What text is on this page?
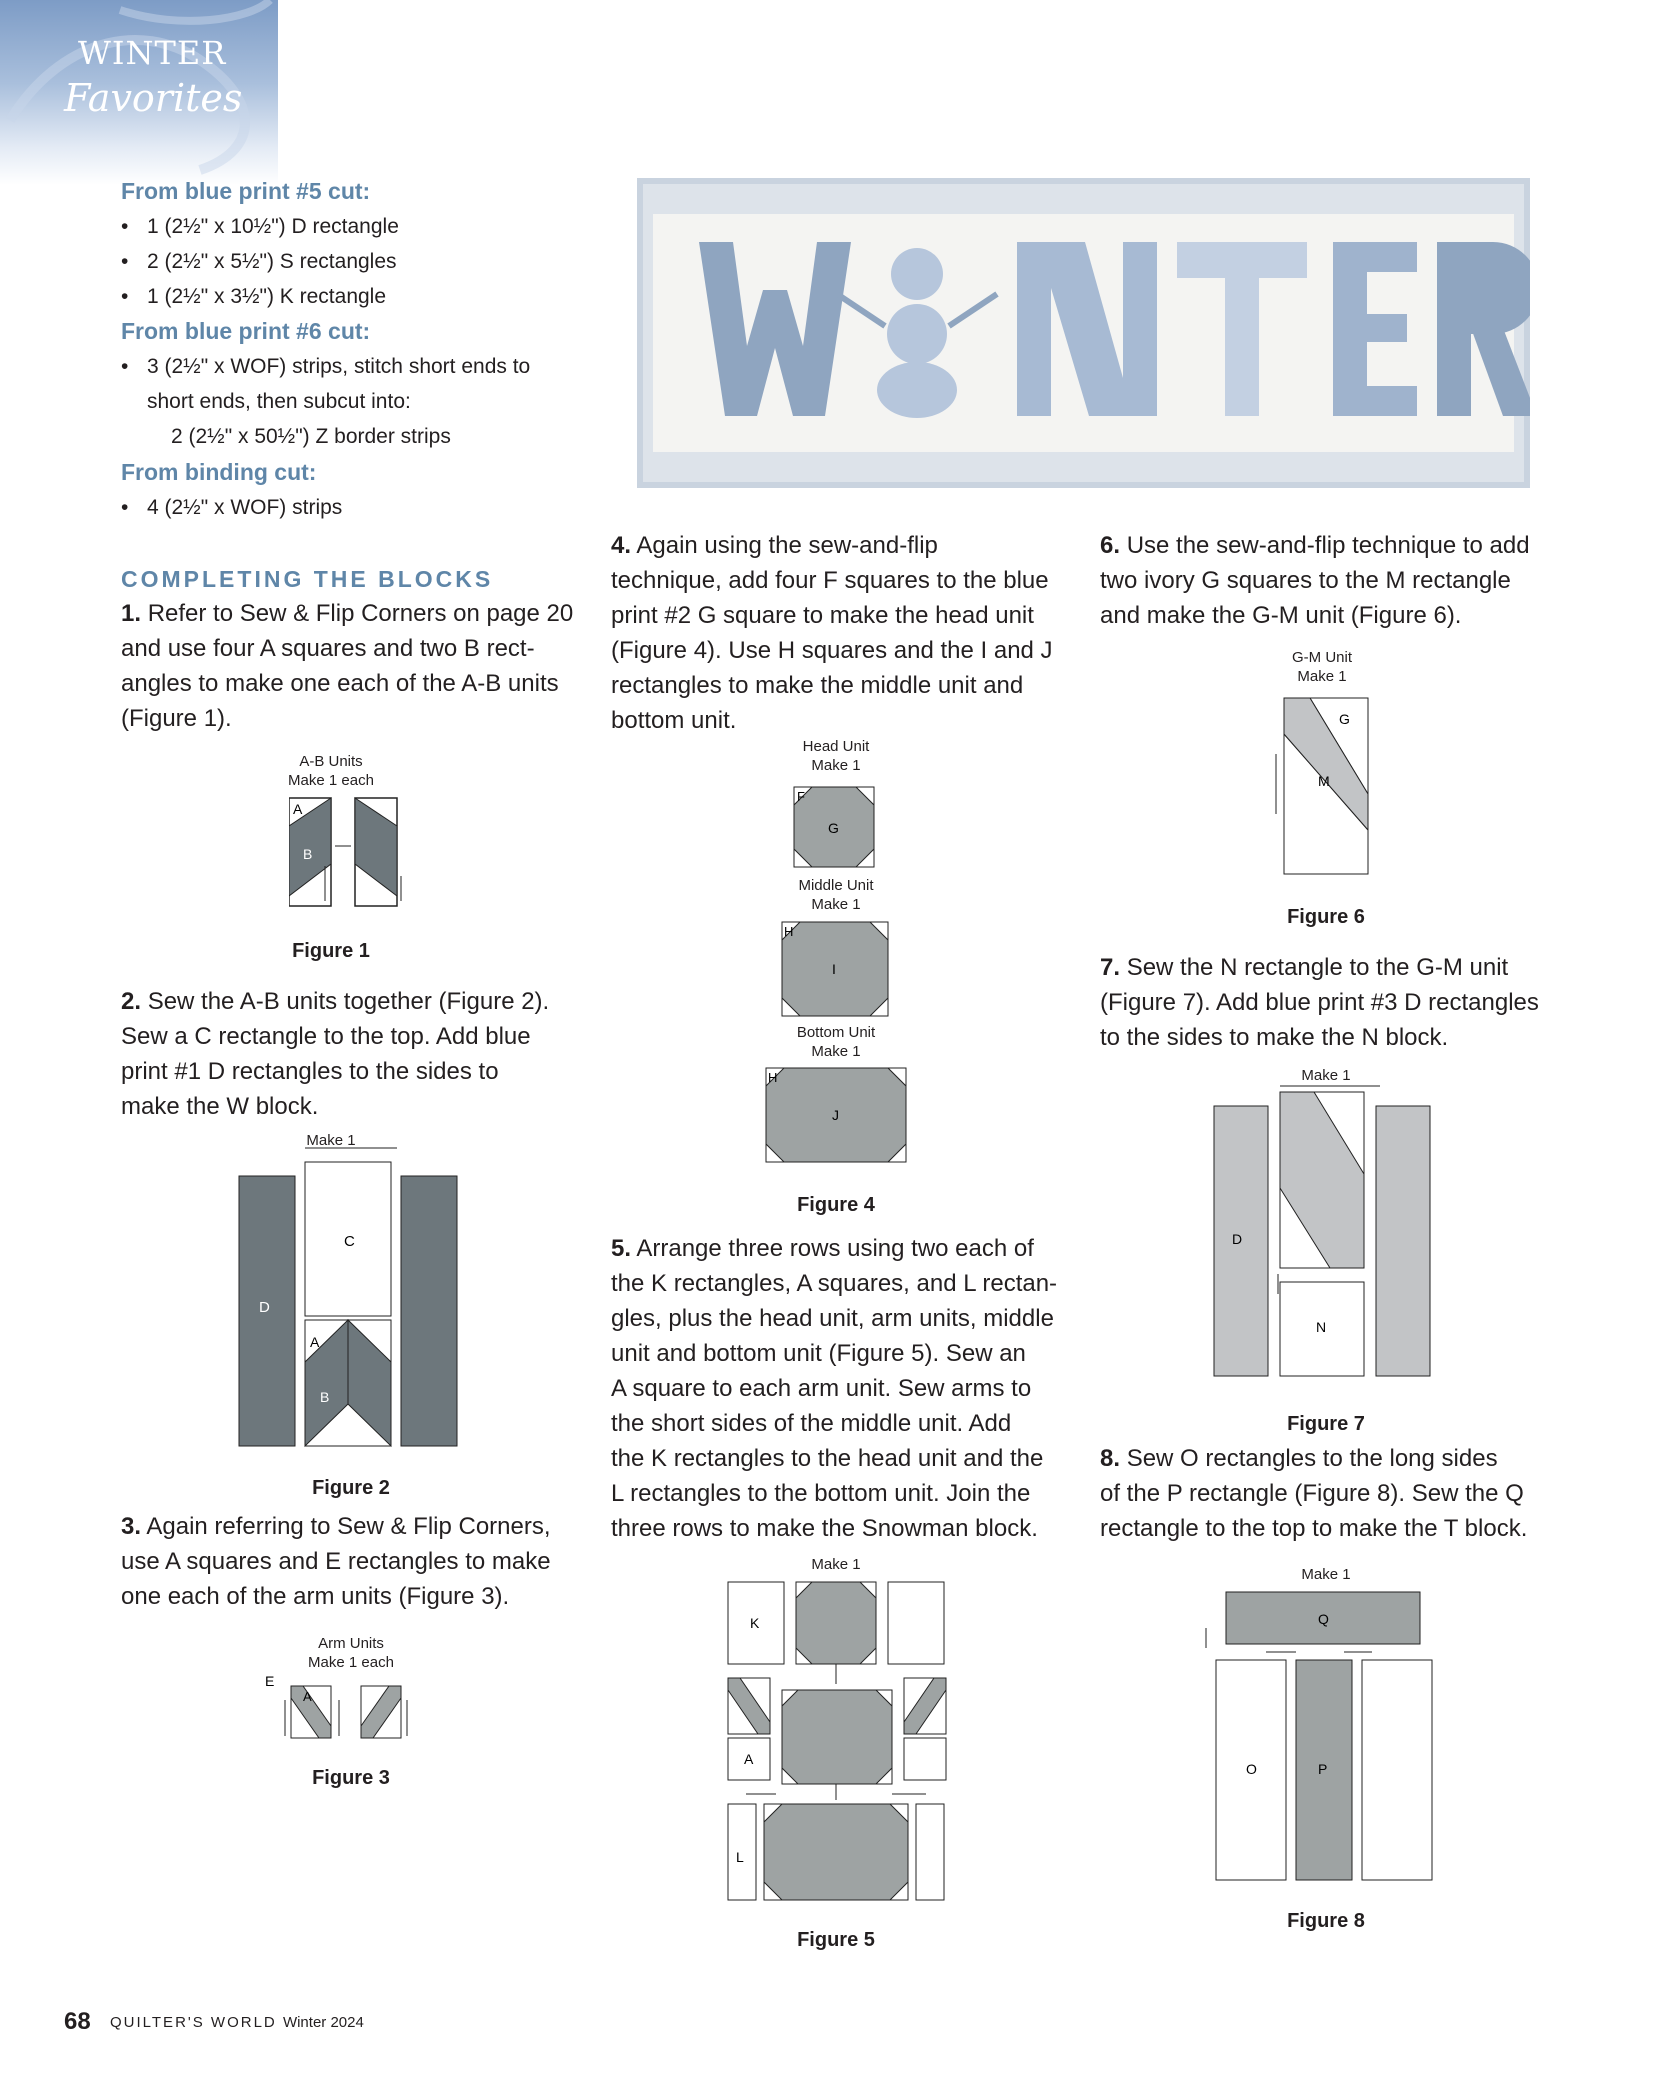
WINTER
Favorites
From blue print #5 cut:
• 1 (2½" x 10½") D rectangle
• 2 (2½" x 5½") S rectangles
• 1 (2½" x 3½") K rectangle
From blue print #6 cut:
• 3 (2½" x WOF) strips, stitch short ends to
short ends, then subcut into:
2 (2½" x 50½") Z border strips
From binding cut:
• 4 (2½" x WOF) strips
COMPLETING THE BLOCKS
1. Refer to Sew & Flip Corners on page 20
and use four A squares and two B rect-
angles to make one each of the A-B units
(Figure 1).
A-B Units
Make 1 each
A
B
Figure 1
2. Sew the A-B units together (Figure 2).
Sew a C rectangle to the top. Add blue
print #1 D rectangles to the sides to
make the W block.
Make 1
D
C
A
B
Figure 2
3. Again referring to Sew & Flip Corners,
use A squares and E rectangles to make
one each of the arm units (Figure 3).
Arm Units
Make 1 each
E
A
Figure 3
4. Again using the sew-and-flip
technique, add four F squares to the blue
print #2 G square to make the head unit
(Figure 4). Use H squares and the I and J
rectangles to make the middle unit and
bottom unit.
Head Unit
Make 1
F
G
Middle Unit
Make 1
H
I
Bottom Unit
Make 1
H
J
Figure 4
5. Arrange three rows using two each of
the K rectangles, A squares, and L rectan-
gles, plus the head unit, arm units, middle
unit and bottom unit (Figure 5). Sew an
A square to each arm unit. Sew arms to
the short sides of the middle unit. Add
the K rectangles to the head unit and the
L rectangles to the bottom unit. Join the
three rows to make the Snowman block.
Make 1
K
A
L
Figure 5
6. Use the sew-and-flip technique to add
two ivory G squares to the M rectangle
and make the G-M unit (Figure 6).
G-M Unit
Make 1
G
M
Figure 6
7. Sew the N rectangle to the G-M unit
(Figure 7). Add blue print #3 D rectangles
to the sides to make the N block.
Make 1
D
N
Figure 7
8. Sew O rectangles to the long sides
of the P rectangle (Figure 8). Sew the Q
rectangle to the top to make the T block.
Make 1
Q
O	P
Figure 8
68 QUILTER'S WORLD Winter 2024
